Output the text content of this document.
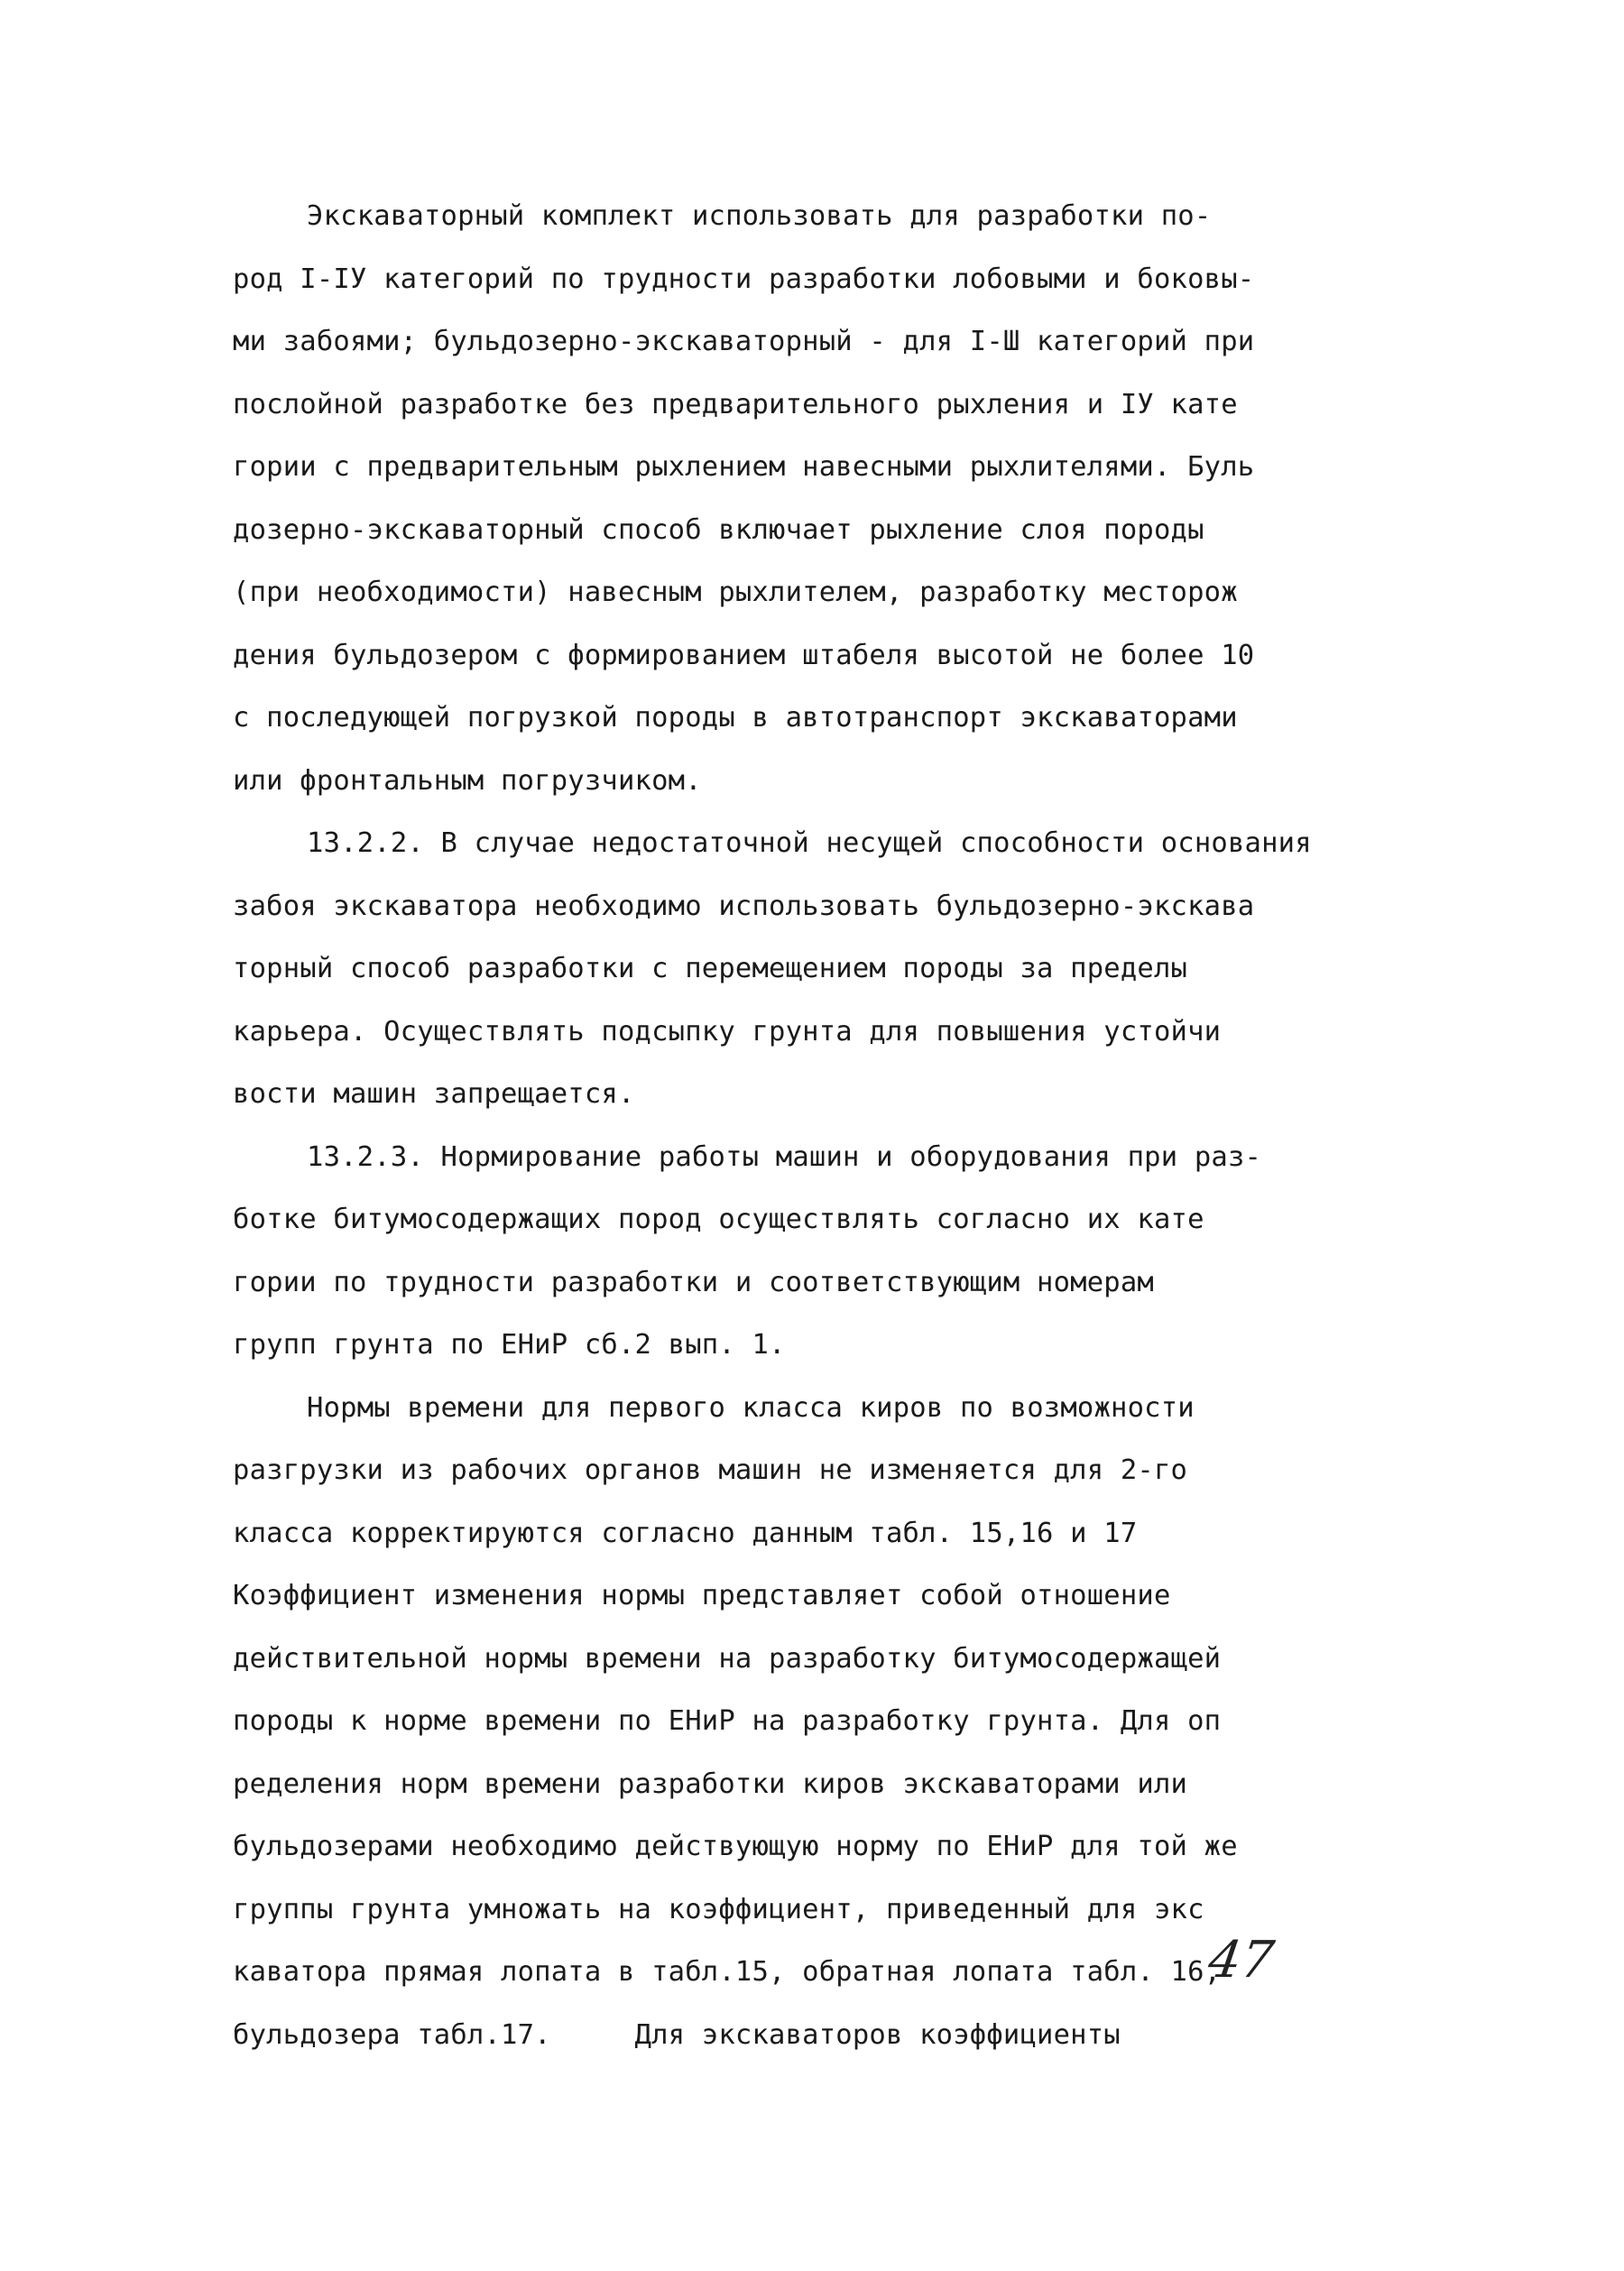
Экскаваторный комплект использовать для разработки по-
род I-IУ категорий по трудности разработки лобовыми и боковы-
ми забоями; бульдозерно-экскаваторный - для I-Ш категорий при
послойной разработке без предварительного рыхления и IУ кате
гории с предварительным рыхлением навесными рыхлителями. Буль
дозерно-экскаваторный способ включает рыхление слоя породы
(при необходимости) навесным рыхлителем, разработку месторож
дения бульдозером с формированием штабеля высотой не более 10
с последующей погрузкой породы в автотранспорт экскаваторами
или фронтальным погрузчиком.
13.2.2. В случае недостаточной несущей способности основания
забоя экскаватора необходимо использовать бульдозерно-экскава
торный способ разработки с перемещением породы за пределы
карьера. Осуществлять подсыпку грунта для повышения устойчи
вости машин запрещается.
13.2.3. Нормирование работы машин и оборудования при раз-
ботке битумосодержащих пород осуществлять согласно их кате
гории по трудности разработки и соответствующим номерам
групп грунта по ЕНиР сб.2 вып. 1.
Нормы времени для первого класса киров по возможности
разгрузки из рабочих органов машин не изменяется для 2-го
класса корректируются согласно данным табл. 15,16 и 17
Коэффициент изменения нормы представляет собой отношение
действительной нормы времени на разработку битумосодержащей
породы к норме времени по ЕНиР на разработку грунта. Для оп
ределения норм времени разработки киров экскаваторами или
бульдозерами необходимо действующую норму по ЕНиР для той же
группы грунта умножать на коэффициент, приведенный для экс
каватора прямая лопата в табл.15, обратная лопата табл. 16,
бульдозера табл.17.     Для экскаваторов коэффициенты
47
